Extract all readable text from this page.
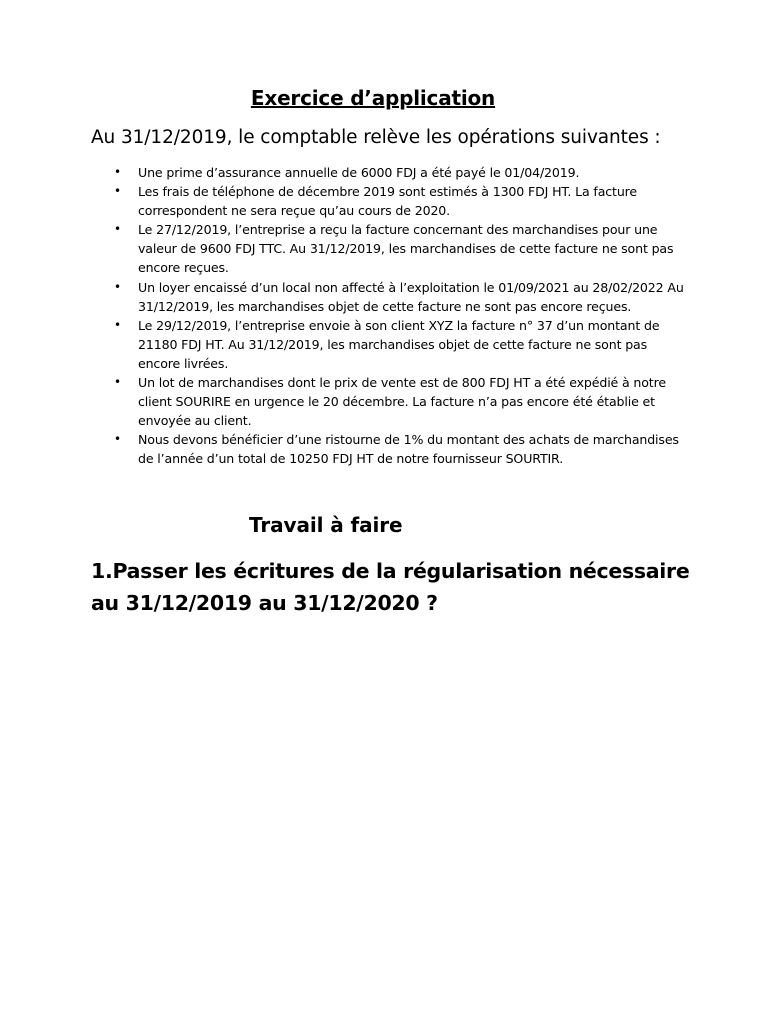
Exercice d’application

Au 31/12/2019, le comptable relève les opérations suivantes :

• Une prime d’assurance annuelle de 6000 FDJ a été payé le 01/04/2019.
• Les frais de téléphone de décembre 2019 sont estimés à 1300 FDJ HT. La facture correspondent ne sera reçue qu’au cours de 2020.
• Le 27/12/2019, l’entreprise a reçu la facture concernant des marchandises pour une valeur de 9600 FDJ TTC. Au 31/12/2019, les marchandises de cette facture ne sont pas encore reçues.
• Un loyer encaissé d’un local non affecté à l’exploitation le 01/09/2021 au 28/02/2022 Au 31/12/2019, les marchandises objet de cette facture ne sont pas encore reçues.
• Le 29/12/2019, l’entreprise envoie à son client XYZ la facture n° 37 d’un montant de 21180 FDJ HT. Au 31/12/2019, les marchandises objet de cette facture ne sont pas encore livrées.
• Un lot de marchandises dont le prix de vente est de 800 FDJ HT a été expédié à notre client SOURIRE en urgence le 20 décembre. La facture n’a pas encore été établie et envoyée au client.
• Nous devons bénéficier d’une ristourne de 1% du montant des achats de marchandises de l’année d’un total de 10250 FDJ HT de notre fournisseur SOURTIR.
Travail à faire

1.Passer les écritures de la régularisation nécessaire au 31/12/2019 au 31/12/2020 ?
